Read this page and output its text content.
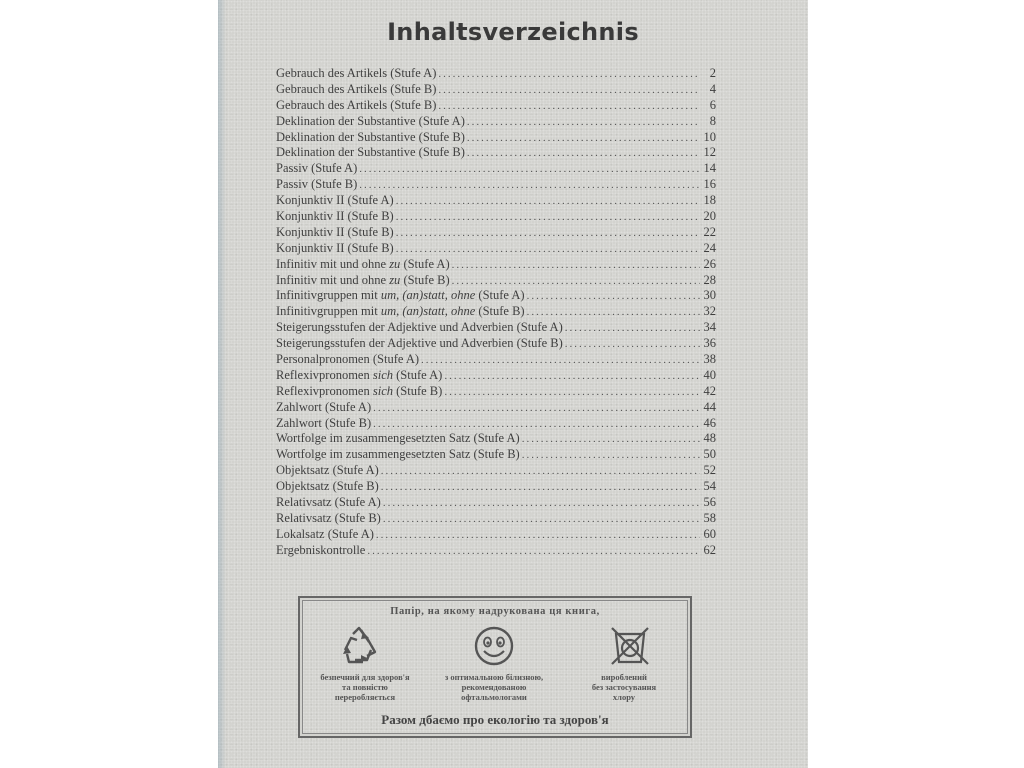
Inhaltsverzeichnis
Gebrauch des Artikels (Stufe A) .....	2
Gebrauch des Artikels (Stufe B) .....	4
Gebrauch des Artikels (Stufe B) .....	6
Deklination der Substantive (Stufe A) .....	8
Deklination der Substantive (Stufe B) .....	10
Deklination der Substantive (Stufe B) .....	12
Passiv (Stufe A) .....	14
Passiv (Stufe B) .....	16
Konjunktiv II (Stufe A) .....	18
Konjunktiv II (Stufe B) .....	20
Konjunktiv II (Stufe B) .....	22
Konjunktiv II (Stufe B) .....	24
Infinitiv mit und ohne zu (Stufe A) .....	26
Infinitiv mit und ohne zu (Stufe B) .....	28
Infinitivgruppen mit um, (an)statt, ohne (Stufe A) .....	30
Infinitivgruppen mit um, (an)statt, ohne (Stufe B) .....	32
Steigerungsstufen der Adjektive und Adverbien (Stufe A) .....	34
Steigerungsstufen der Adjektive und Adverbien (Stufe B) .....	36
Personalpronomen (Stufe A) .....	38
Reflexivpronomen sich (Stufe A) .....	40
Reflexivpronomen sich (Stufe B) .....	42
Zahlwort (Stufe A) .....	44
Zahlwort (Stufe B) .....	46
Wortfolge im zusammengesetzten Satz (Stufe A) .....	48
Wortfolge im zusammengesetzten Satz (Stufe B) .....	50
Objektsatz (Stufe A) .....	52
Objektsatz (Stufe B) .....	54
Relativsatz (Stufe A) .....	56
Relativsatz (Stufe B) .....	58
Lokalsatz (Stufe A) .....	60
Ergebniskontrolle .....	62
Папір, на якому надрукована ця книга,
безпечний для здоров'я
та повністю
переробляється
з оптимальною білизною,
рекомендованою
офтальмологами
вироблений
без застосування
хлору
Разом дбаємо про екологію та здоров'я
